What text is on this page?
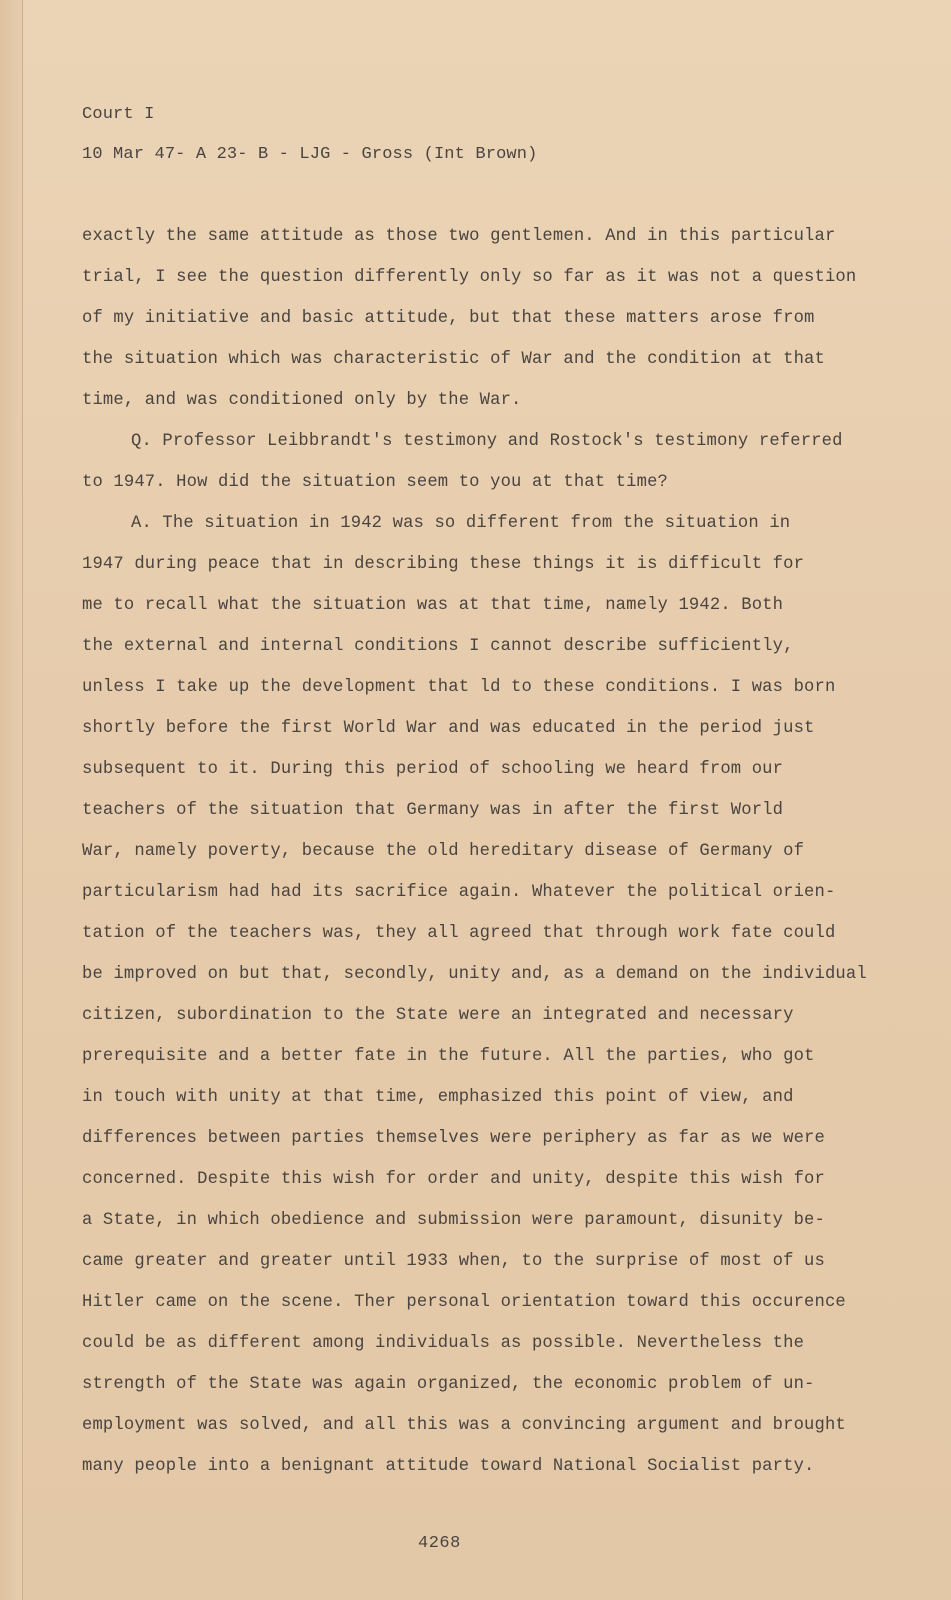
Court I
10 Mar 47- A 23- B - LJG - Gross (Int Brown)
exactly the same attitude as those two gentlemen. And in this particular
trial, I see the question differently only so far as it was not a question
of my initiative and basic attitude, but that these matters arose from
the situation which was characteristic of War and the condition at that
time, and was conditioned only by the War.
Q. Professor Leibbrandt's testimony and Rostock's testimony referred
to 1947. How did the situation seem to you at that time?
A. The situation in 1942 was so different from the situation in
1947 during peace that in describing these things it is difficult for
me to recall what the situation was at that time, namely 1942. Both
the external and internal conditions I cannot describe sufficiently,
unless I take up the development that ld to these conditions. I was born
shortly before the first World War and was educated in the period just
subsequent to it. During this period of schooling we heard from our
teachers of the situation that Germany was in after the first World
War, namely poverty, because the old hereditary disease of Germany of
particularism had had its sacrifice again. Whatever the political orien-
tation of the teachers was, they all agreed that through work fate could
be improved on but that, secondly, unity and, as a demand on the individual
citizen, subordination to the State were an integrated and necessary
prerequisite and a better fate in the future. All the parties, who got
in touch with unity at that time, emphasized this point of view, and
differences between parties themselves were periphery as far as we were
concerned. Despite this wish for order and unity, despite this wish for
a State, in which obedience and submission were paramount, disunity be-
came greater and greater until 1933 when, to the surprise of most of us
Hitler came on the scene. Ther personal orientation toward this occurence
could be as different among individuals as possible. Nevertheless the
strength of the State was again organized, the economic problem of un-
employment was solved, and all this was a convincing argument and brought
many people into a benignant attitude toward National Socialist party.
4268
